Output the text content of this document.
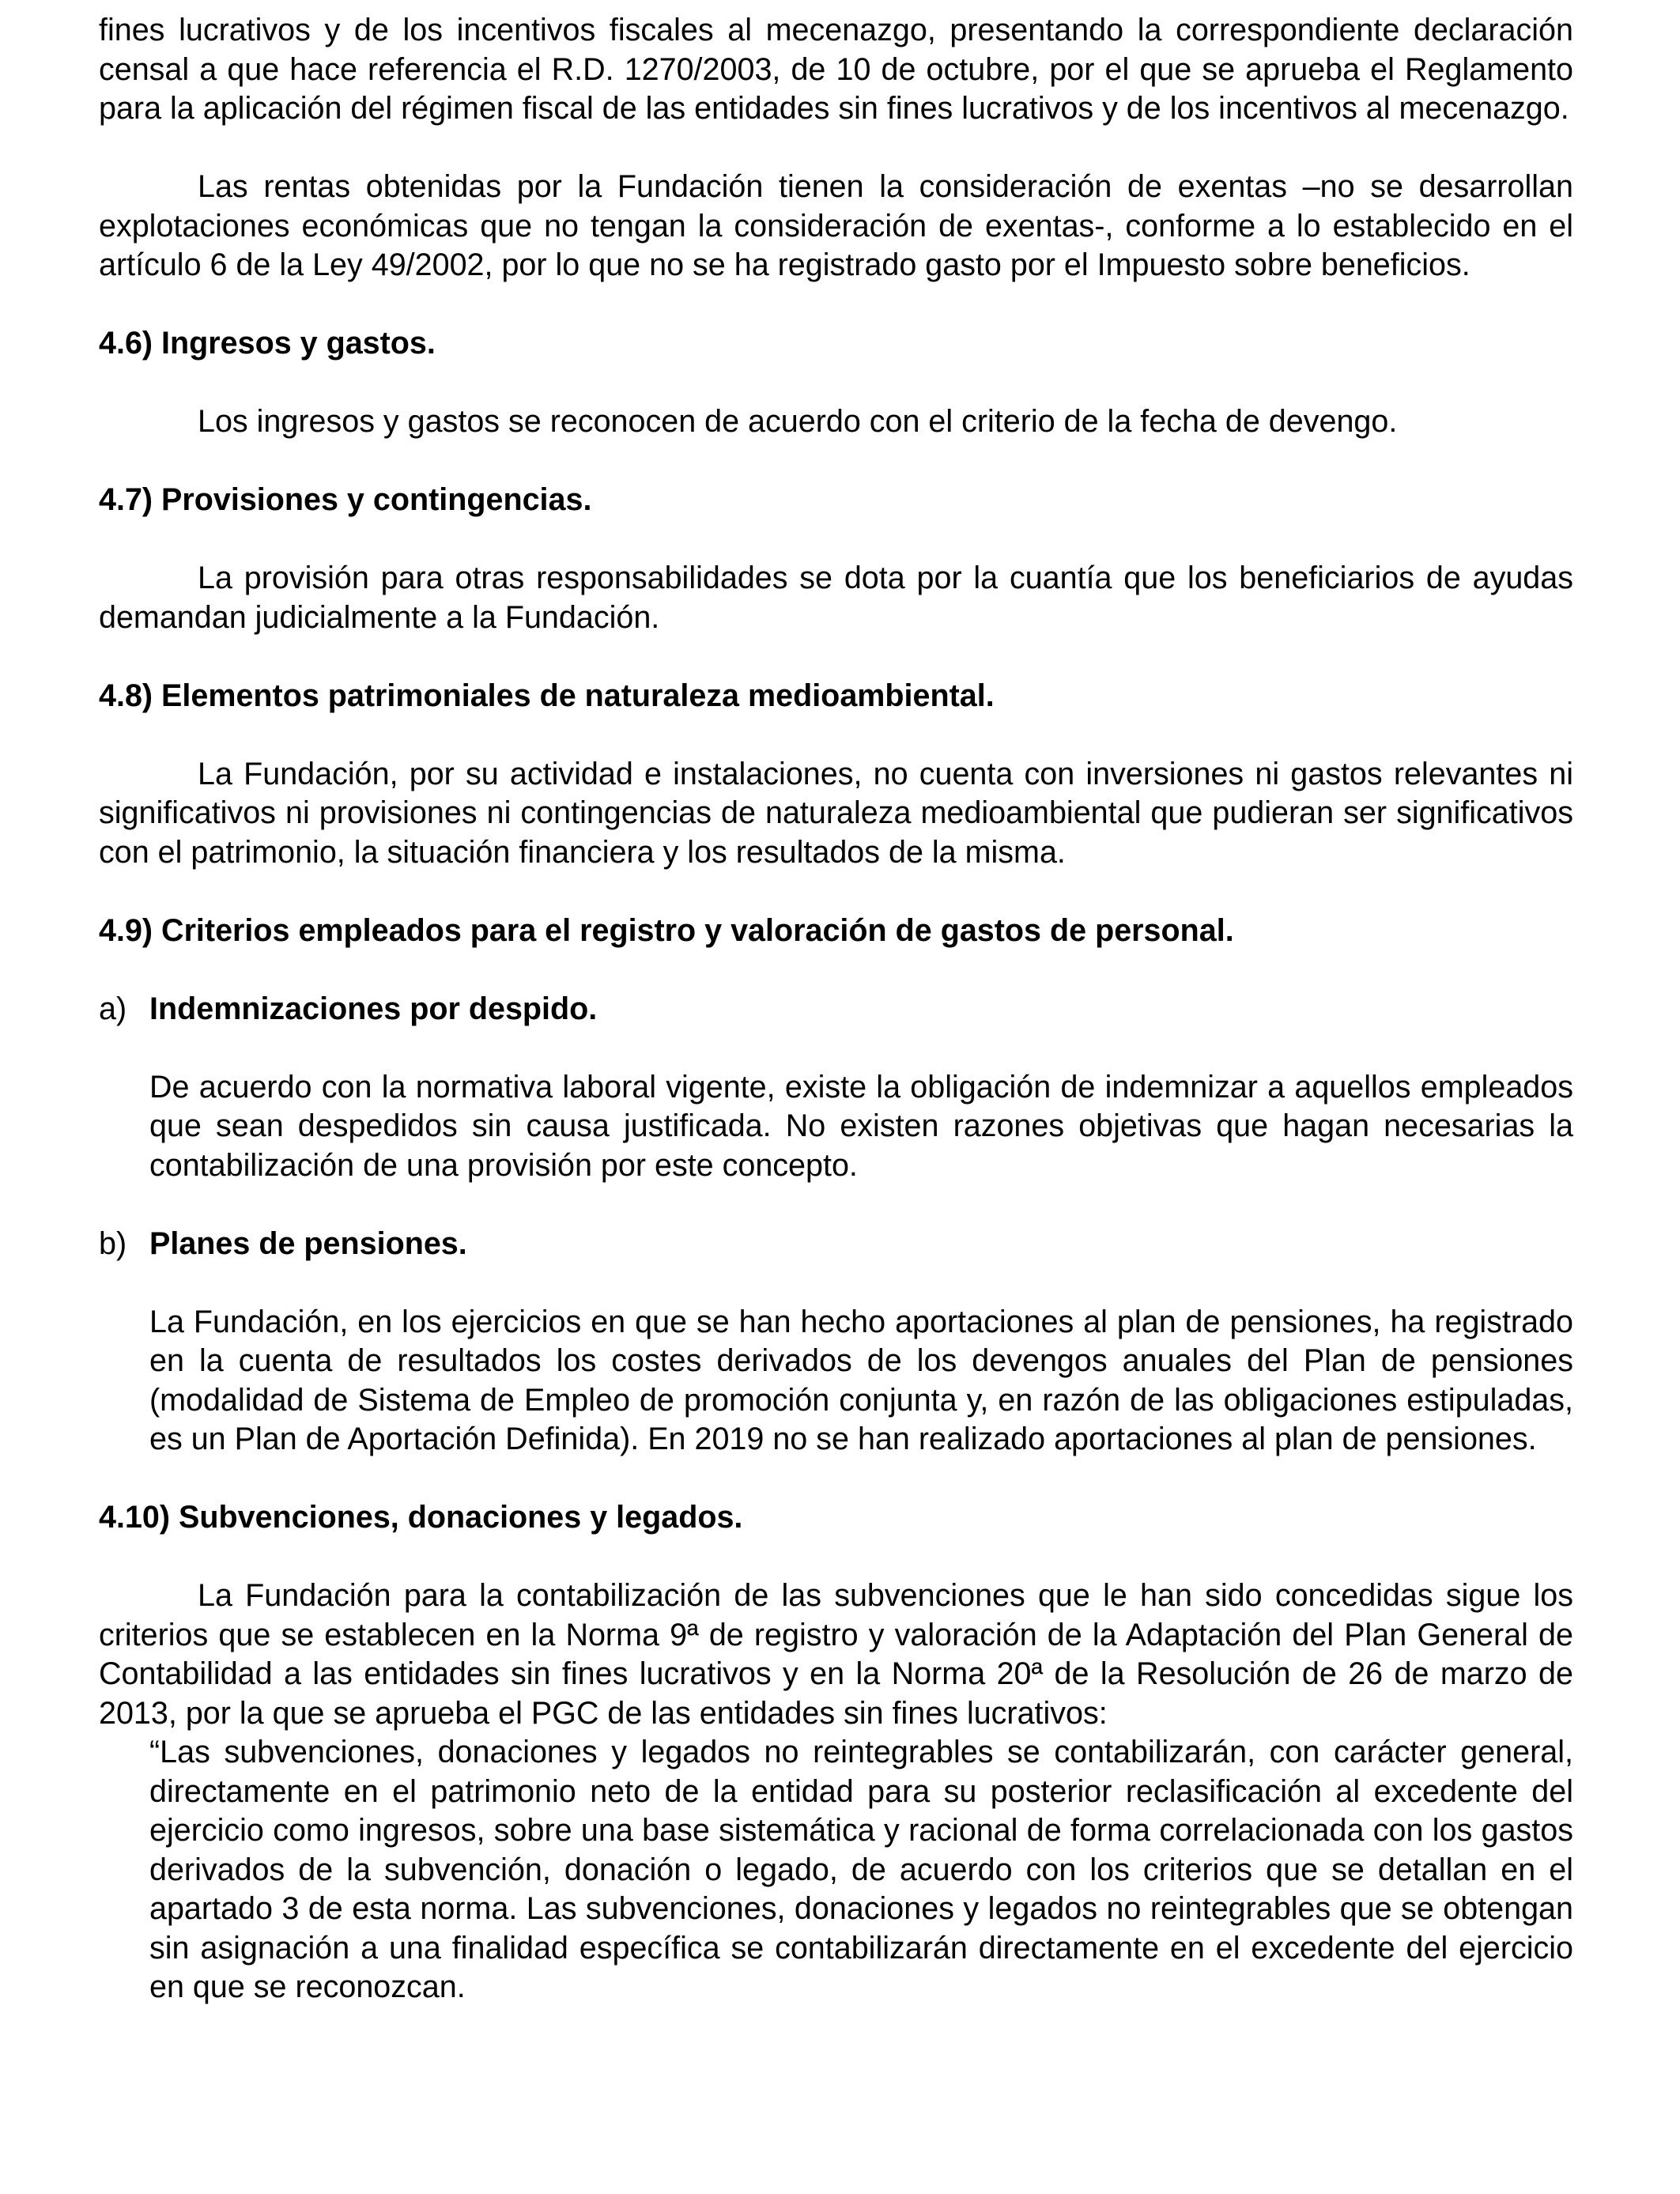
fines lucrativos y de los incentivos fiscales al mecenazgo, presentando la correspondiente declaración censal a que hace referencia el R.D. 1270/2003, de 10 de octubre, por el que se aprueba el Reglamento para la aplicación del régimen fiscal de las entidades sin fines lucrativos y de los incentivos al mecenazgo.

Las rentas obtenidas por la Fundación tienen la consideración de exentas –no se desarrollan explotaciones económicas que no tengan la consideración de exentas-, conforme a lo establecido en el artículo 6 de la Ley 49/2002, por lo que no se ha registrado gasto por el Impuesto sobre beneficios.

4.6) Ingresos y gastos.

Los ingresos y gastos se reconocen de acuerdo con el criterio de la fecha de devengo.

4.7) Provisiones y contingencias.

La provisión para otras responsabilidades se dota por la cuantía que los beneficiarios de ayudas demandan judicialmente a la Fundación.

4.8) Elementos patrimoniales de naturaleza medioambiental.

La Fundación, por su actividad e instalaciones, no cuenta con inversiones ni gastos relevantes ni significativos ni provisiones ni contingencias de naturaleza medioambiental que pudieran ser significativos con el patrimonio, la situación financiera y los resultados de la misma.

4.9) Criterios empleados para el registro y valoración de gastos de personal.

a) Indemnizaciones por despido.

De acuerdo con la normativa laboral vigente, existe la obligación de indemnizar a aquellos empleados que sean despedidos sin causa justificada. No existen razones objetivas que hagan necesarias la contabilización de una provisión por este concepto.

b) Planes de pensiones.

La Fundación, en los ejercicios en que se han hecho aportaciones al plan de pensiones, ha registrado en la cuenta de resultados los costes derivados de los devengos anuales del Plan de pensiones (modalidad de Sistema de Empleo de promoción conjunta y, en razón de las obligaciones estipuladas, es un Plan de Aportación Definida). En 2019 no se han realizado aportaciones al plan de pensiones.

4.10) Subvenciones, donaciones y legados.

La Fundación para la contabilización de las subvenciones que le han sido concedidas sigue los criterios que se establecen en la Norma 9ª de registro y valoración de la Adaptación del Plan General de Contabilidad a las entidades sin fines lucrativos y en la Norma 20ª de la Resolución de 26 de marzo de 2013, por la que se aprueba el PGC de las entidades sin fines lucrativos:

“Las subvenciones, donaciones y legados no reintegrables se contabilizarán, con carácter general, directamente en el patrimonio neto de la entidad para su posterior reclasificación al excedente del ejercicio como ingresos, sobre una base sistemática y racional de forma correlacionada con los gastos derivados de la subvención, donación o legado, de acuerdo con los criterios que se detallan en el apartado 3 de esta norma. Las subvenciones, donaciones y legados no reintegrables que se obtengan sin asignación a una finalidad específica se contabilizarán directamente en el excedente del ejercicio en que se reconozcan.
